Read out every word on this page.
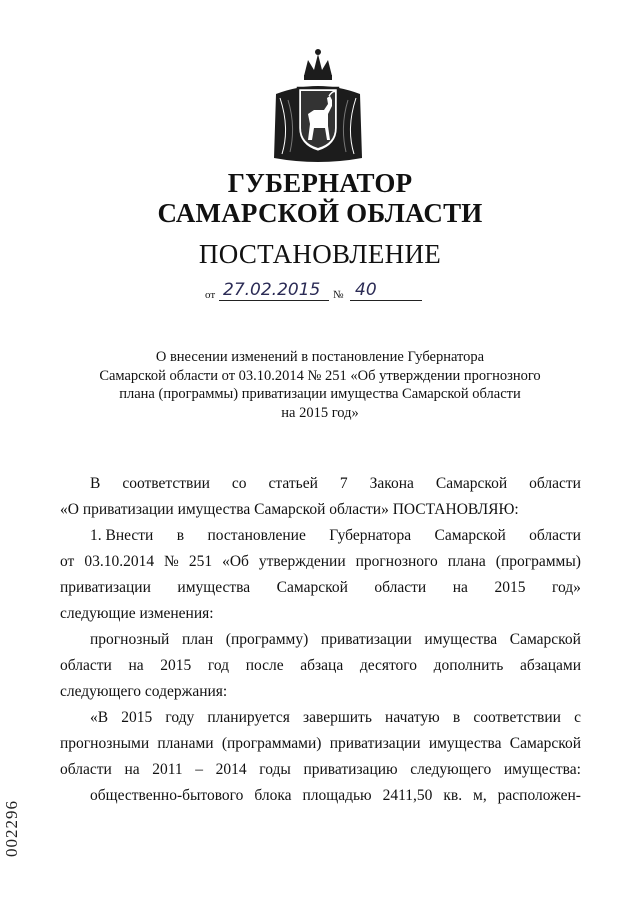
ГУБЕРНАТОР
САМАРСКОЙ ОБЛАСТИ
ПОСТАНОВЛЕНИЕ
от 27.02.2015 № 40
О внесении изменений в постановление Губернатора
Самарской области от 03.10.2014 № 251 «Об утверждении прогнозного
плана (программы) приватизации имущества Самарской области
на 2015 год»
В соответствии со статьей 7 Закона Самарской области
«О приватизации имущества Самарской области» ПОСТАНОВЛЯЮ:
1. Внести в постановление Губернатора Самарской области
от 03.10.2014 № 251 «Об утверждении прогнозного плана (программы)
приватизации имущества Самарской области на 2015 год»
следующие изменения:
прогнозный план (программу) приватизации имущества Самарской
области на 2015 год после абзаца десятого дополнить абзацами
следующего содержания:
«В 2015 году планируется завершить начатую в соответствии с
прогнозными планами (программами) приватизации имущества Самарской
области на 2011 – 2014 годы приватизацию следующего имущества:
общественно-бытового блока площадью 2411,50 кв. м, расположен-
002296
